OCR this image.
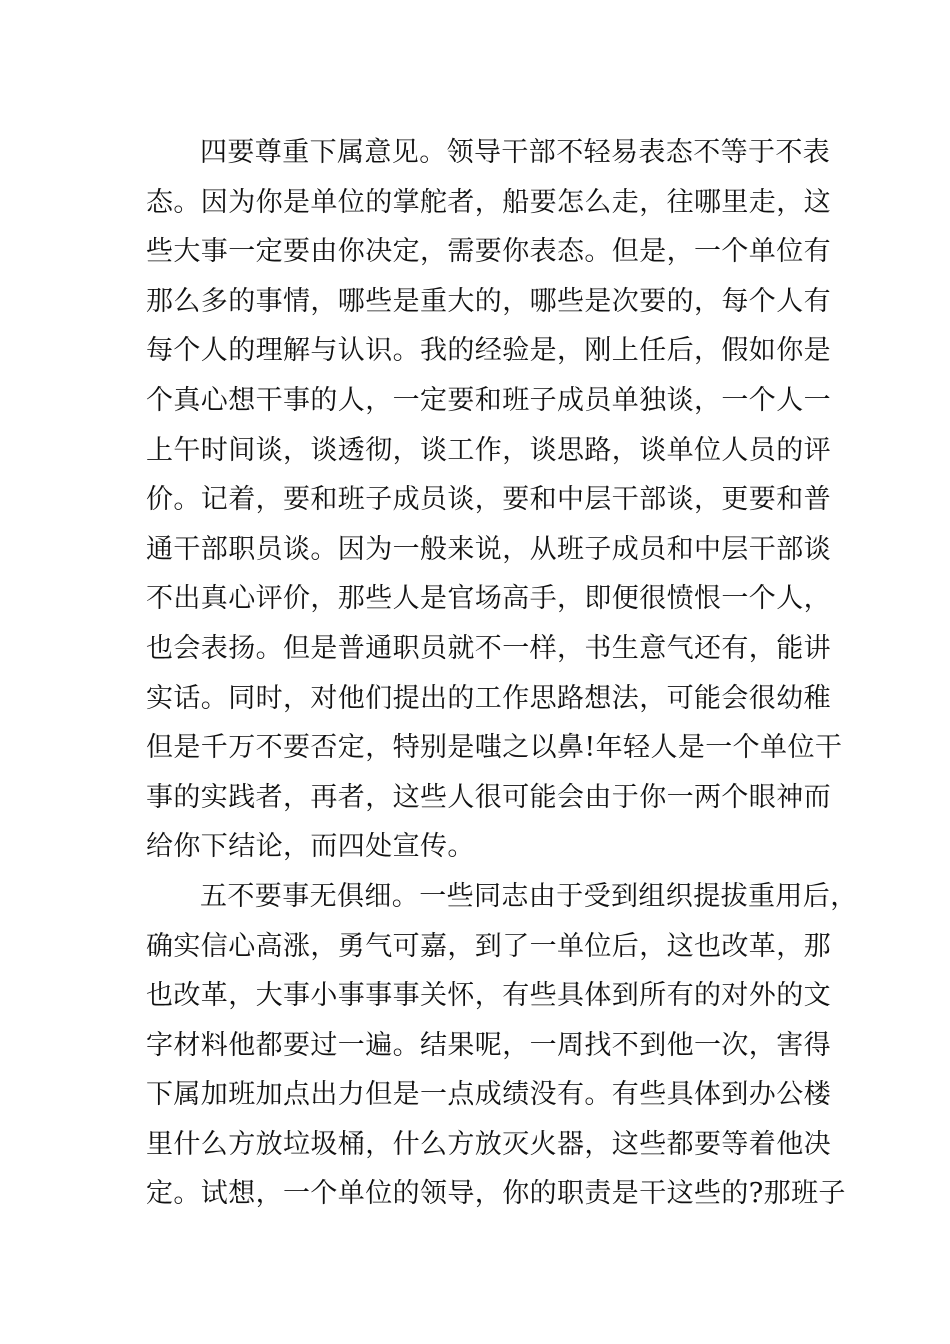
四要尊重下属意见。领导干部不轻易表态不等于不表
态。因为你是单位的掌舵者，船要怎么走，往哪里走，这
些大事一定要由你决定，需要你表态。但是，一个单位有
那么多的事情，哪些是重大的，哪些是次要的，每个人有
每个人的理解与认识。我的经验是，刚上任后，假如你是
个真心想干事的人，一定要和班子成员单独谈，一个人一
上午时间谈，谈透彻，谈工作，谈思路，谈单位人员的评
价。记着，要和班子成员谈，要和中层干部谈，更要和普
通干部职员谈。因为一般来说，从班子成员和中层干部谈
不出真心评价，那些人是官场高手，即便很愤恨一个人，
也会表扬。但是普通职员就不一样，书生意气还有，能讲
实话。同时，对他们提出的工作思路想法，可能会很幼稚
但是千万不要否定，特别是嗤之以鼻!年轻人是一个单位干
事的实践者，再者，这些人很可能会由于你一两个眼神而
给你下结论，而四处宣传。
五不要事无俱细。一些同志由于受到组织提拔重用后，
确实信心高涨，勇气可嘉，到了一单位后，这也改革，那
也改革，大事小事事事关怀，有些具体到所有的对外的文
字材料他都要过一遍。结果呢，一周找不到他一次，害得
下属加班加点出力但是一点成绩没有。有些具体到办公楼
里什么方放垃圾桶，什么方放灭火器，这些都要等着他决
定。试想，一个单位的领导，你的职责是干这些的?那班子
